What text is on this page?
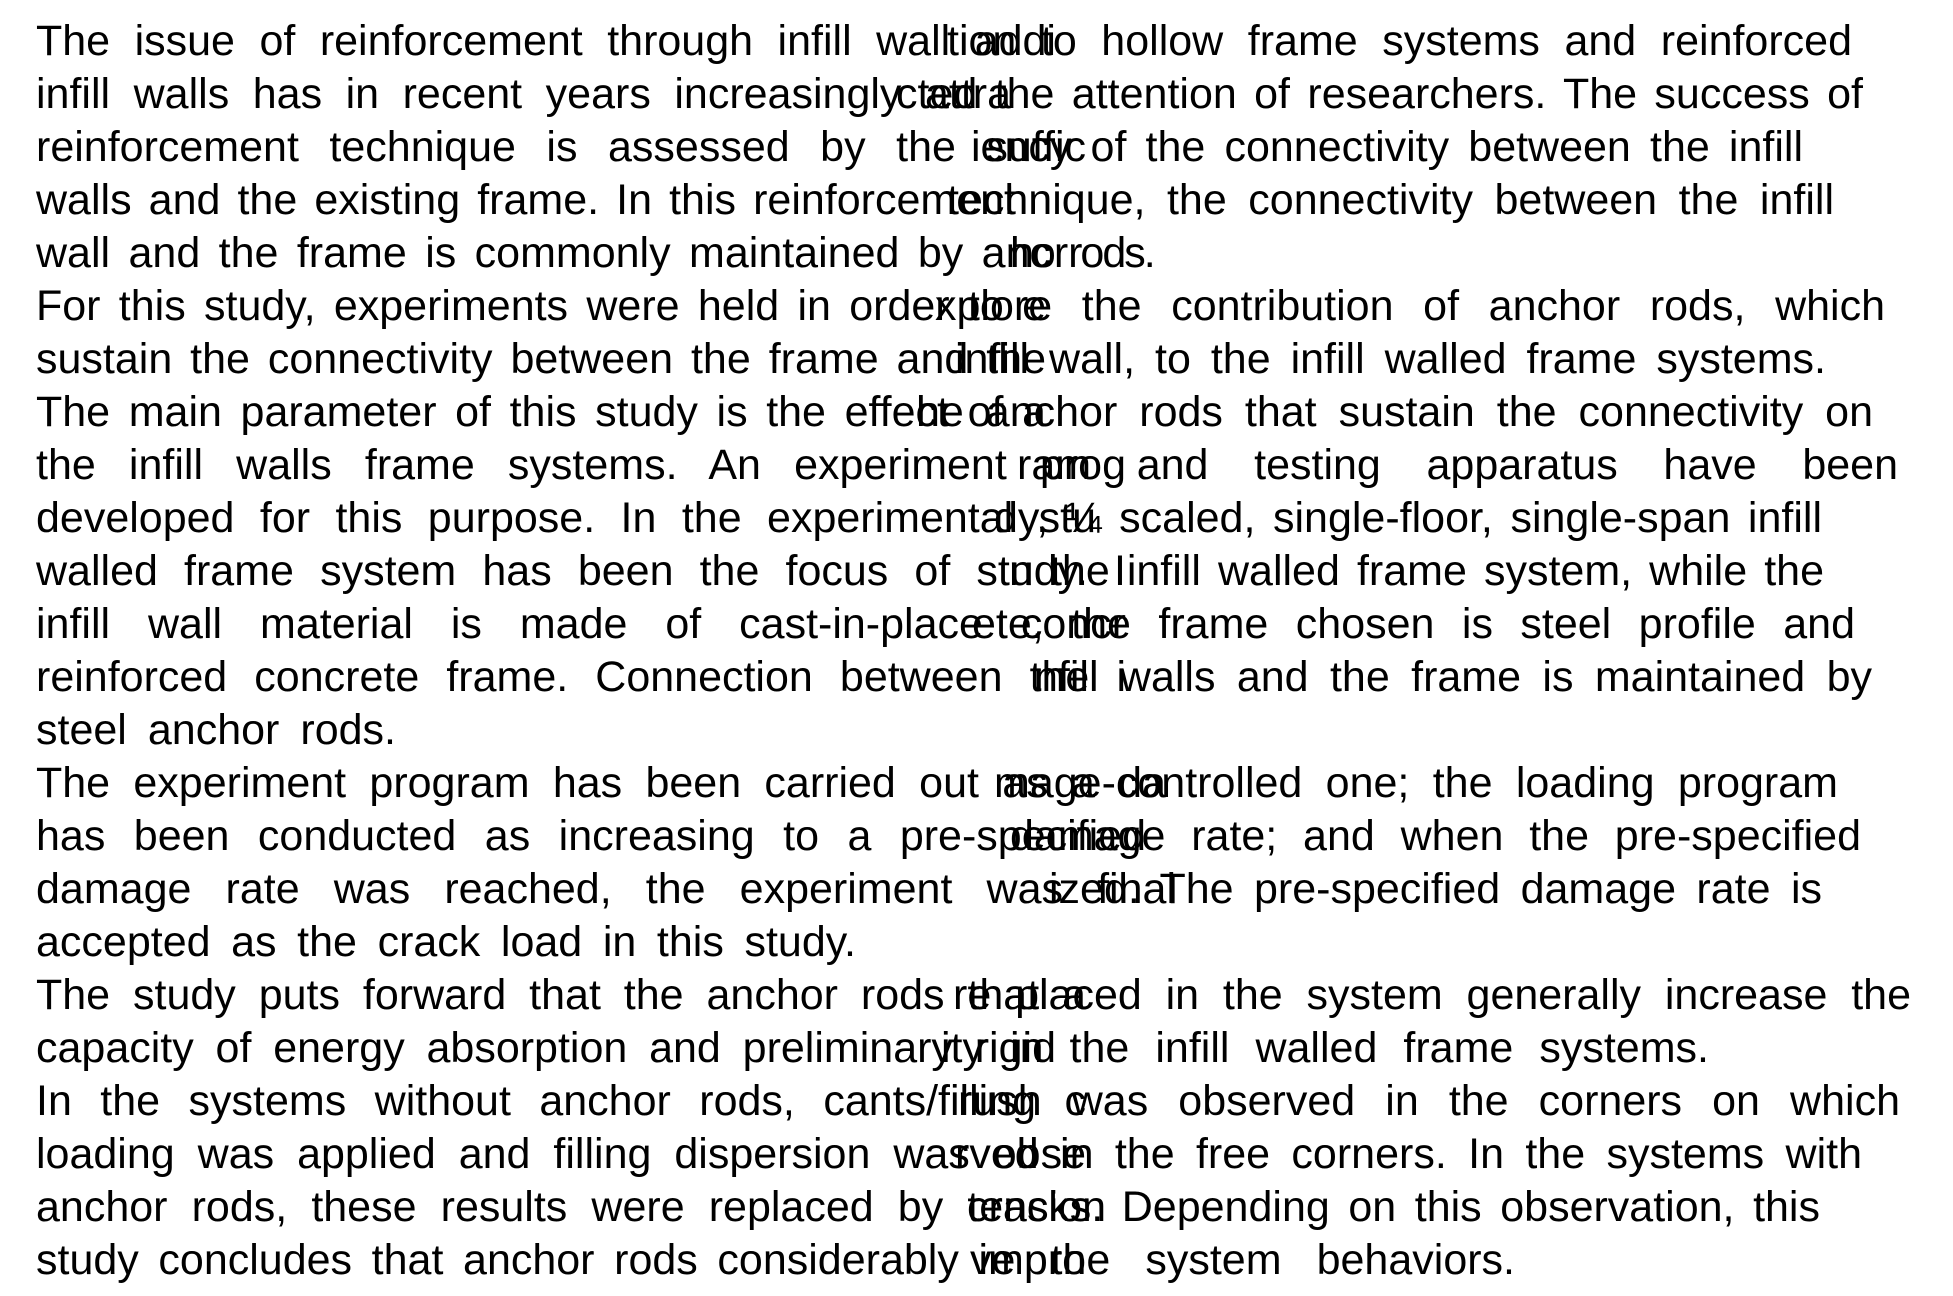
The issue of reinforcement through infill wall addi
tion to hollow frame systems and reinforced
infill walls has in recent years increasingly attra
cted the attention of researchers. The success of
reinforcement technique is assessed by the suffic
iency of the connectivity between the infill
walls and the existing frame. In this reinforcement
technique, the connectivity between the infill
wall and the frame is commonly maintained by anc
hor rods.
For this study, experiments were held in order to e
xplore the contribution of anchor rods, which
sustain the connectivity between the frame and the
infill wall, to the infill walled frame systems.
The main parameter of this study is the effect of a
he anchor rods that sustain the connectivity on
the infill walls frame systems. An experiment prog
ram and testing apparatus have been
developed for this purpose. In the experimental stu
dy, ¼ scaled, single-floor, single-span infill
walled frame system has been the focus of study. I
n the infill walled frame system, while the
infill wall material is made of cast-in-place concr
ete, the frame chosen is steel profile and
reinforced concrete frame. Connection between the i
nfill walls and the frame is maintained by
steel anchor rods.
The experiment program has been carried out as a da
mage-controlled one; the loading program
has been conducted as increasing to a pre-specified
damage rate; and when the pre-specified
damage rate was reached, the experiment was final
ized. The pre-specified damage rate is
accepted as the crack load in this study.
The study puts forward that the anchor rods that a
re placed in the system generally increase the
capacity of energy absorption and preliminary rigid
ity in the infill walled frame systems.
In the systems without anchor rods, cants/filling c
rush was observed in the corners on which
loading was applied and filling dispersion was obse
rved in the free corners. In the systems with
anchor rods, these results were replaced by tension
cracks. Depending on this observation, this
study concludes that anchor rods considerably impro
ve the system behaviors.
